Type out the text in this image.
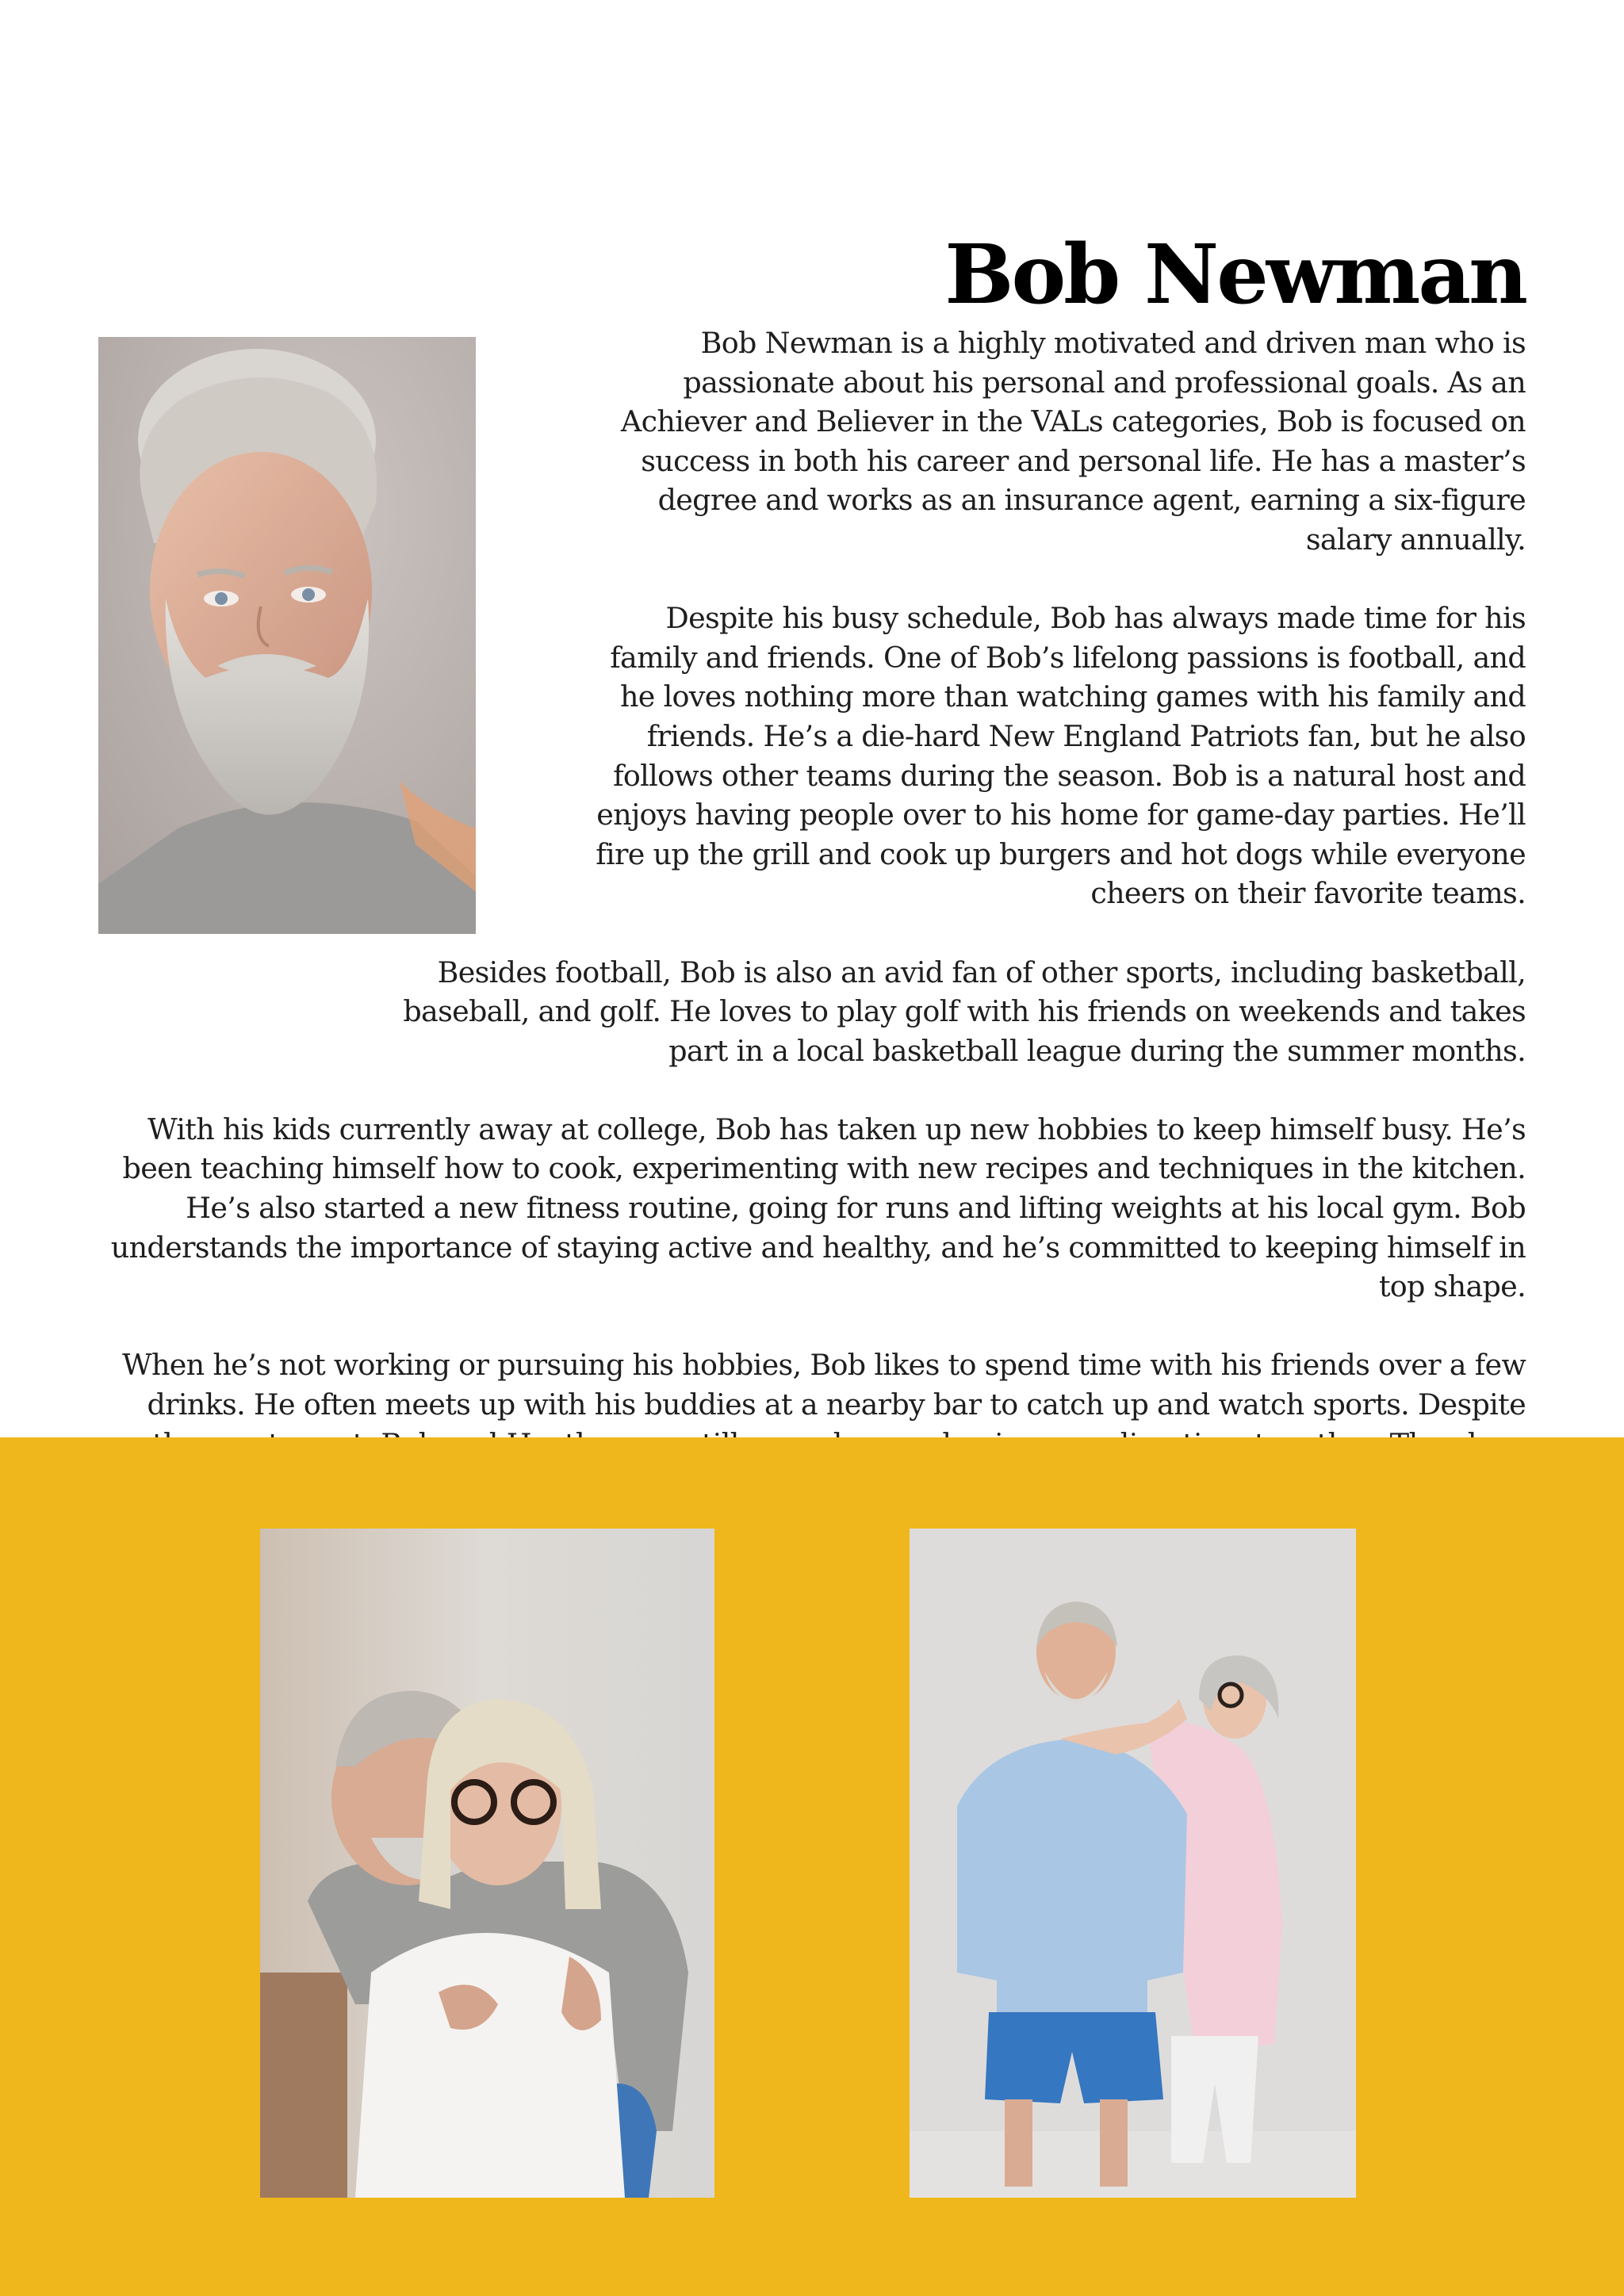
Bob Newman

Bob Newman is a highly motivated and driven man who is passionate about his personal and professional goals. As an Achiever and Believer in the VALs categories, Bob is focused on success in both his career and personal life. He has a master’s degree and works as an insurance agent, earning a six-figure salary annually.

Despite his busy schedule, Bob has always made time for his family and friends. One of Bob’s lifelong passions is football, and he loves nothing more than watching games with his family and friends. He’s a die-hard New England Patriots fan, but he also follows other teams during the season. Bob is a natural host and enjoys having people over to his home for game-day parties. He’ll fire up the grill and cook up burgers and hot dogs while everyone cheers on their favorite teams.

Besides football, Bob is also an avid fan of other sports, including basketball, baseball, and golf. He loves to play golf with his friends on weekends and takes part in a local basketball league during the summer months.

With his kids currently away at college, Bob has taken up new hobbies to keep himself busy. He’s been teaching himself how to cook, experimenting with new recipes and techniques in the kitchen. He’s also started a new fitness routine, going for runs and lifting weights at his local gym. Bob understands the importance of staying active and healthy, and he’s committed to keeping himself in top shape.

When he’s not working or pursuing his hobbies, Bob likes to spend time with his friends over a few drinks. He often meets up with his buddies at a nearby bar to catch up and watch sports. Despite
